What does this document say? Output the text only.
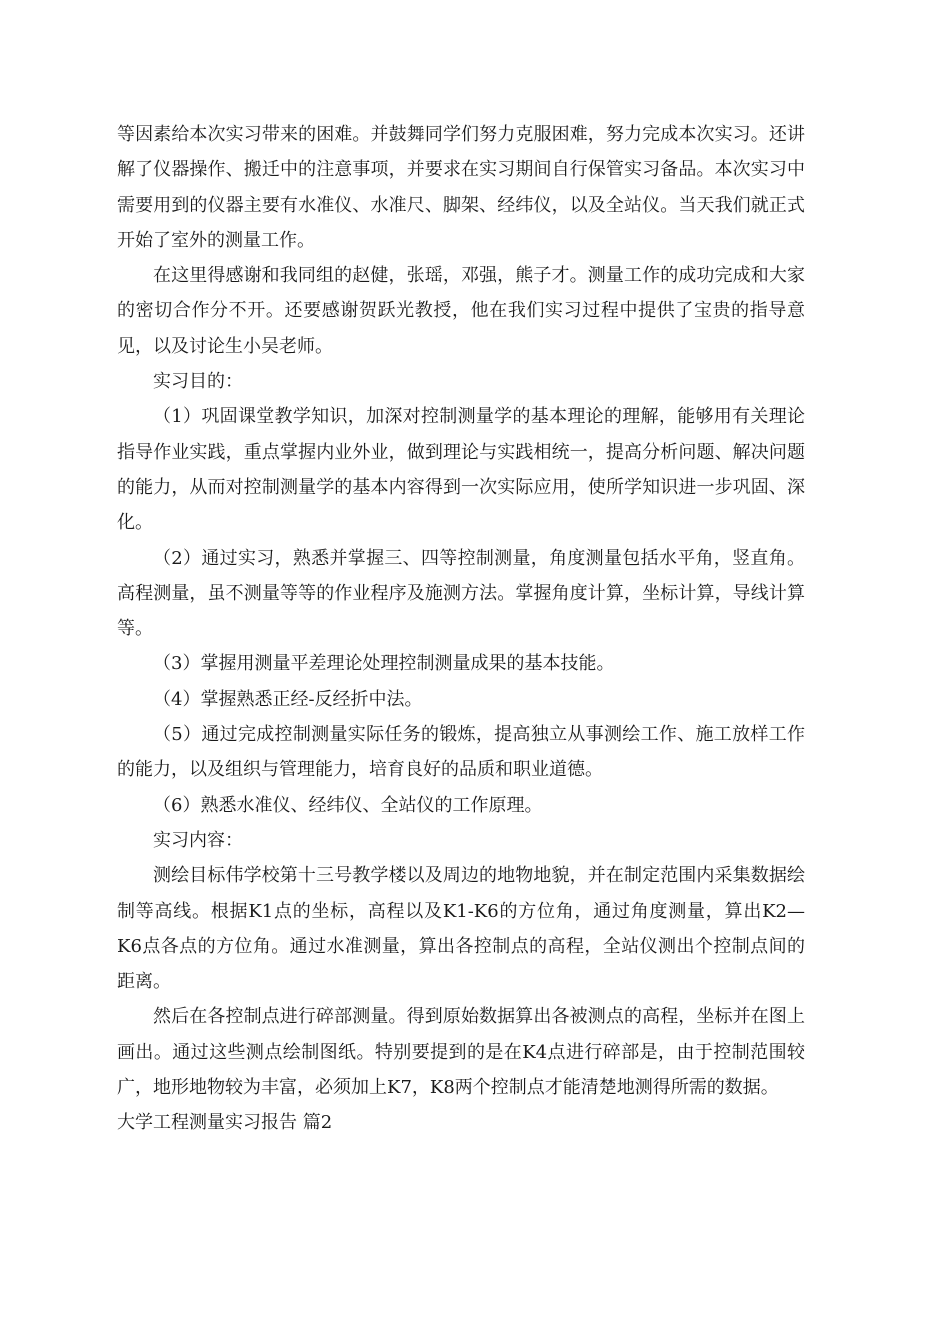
等因素给本次实习带来的困难。并鼓舞同学们努力克服困难，努力完成本次实习。还讲解了仪器操作、搬迁中的注意事项，并要求在实习期间自行保管实习备品。本次实习中需要用到的仪器主要有水准仪、水准尺、脚架、经纬仪，以及全站仪。当天我们就正式开始了室外的测量工作。

在这里得感谢和我同组的赵健，张瑶，邓强，熊子才。测量工作的成功完成和大家的密切合作分不开。还要感谢贺跃光教授，他在我们实习过程中提供了宝贵的指导意见，以及讨论生小吴老师。

实习目的：

（1）巩固课堂教学知识，加深对控制测量学的基本理论的理解，能够用有关理论指导作业实践，重点掌握内业外业，做到理论与实践相统一，提高分析问题、解决问题的能力，从而对控制测量学的基本内容得到一次实际应用，使所学知识进一步巩固、深化。

（2）通过实习，熟悉并掌握三、四等控制测量，角度测量包括水平角，竖直角。高程测量，虽不测量等等的作业程序及施测方法。掌握角度计算，坐标计算，导线计算等。

（3）掌握用测量平差理论处理控制测量成果的基本技能。

（4）掌握熟悉正经-反经折中法。

（5）通过完成控制测量实际任务的锻炼，提高独立从事测绘工作、施工放样工作的能力，以及组织与管理能力，培育良好的品质和职业道德。

（6）熟悉水准仪、经纬仪、全站仪的工作原理。

实习内容：

测绘目标伟学校第十三号教学楼以及周边的地物地貌，并在制定范围内采集数据绘制等高线。根据K1点的坐标，高程以及K1-K6的方位角，通过角度测量，算出K2—K6点各点的方位角。通过水准测量，算出各控制点的高程，全站仪测出个控制点间的距离。

然后在各控制点进行碎部测量。得到原始数据算出各被测点的高程，坐标并在图上画出。通过这些测点绘制图纸。特别要提到的是在K4点进行碎部是，由于控制范围较广，地形地物较为丰富，必须加上K7，K8两个控制点才能清楚地测得所需的数据。

大学工程测量实习报告 篇2
